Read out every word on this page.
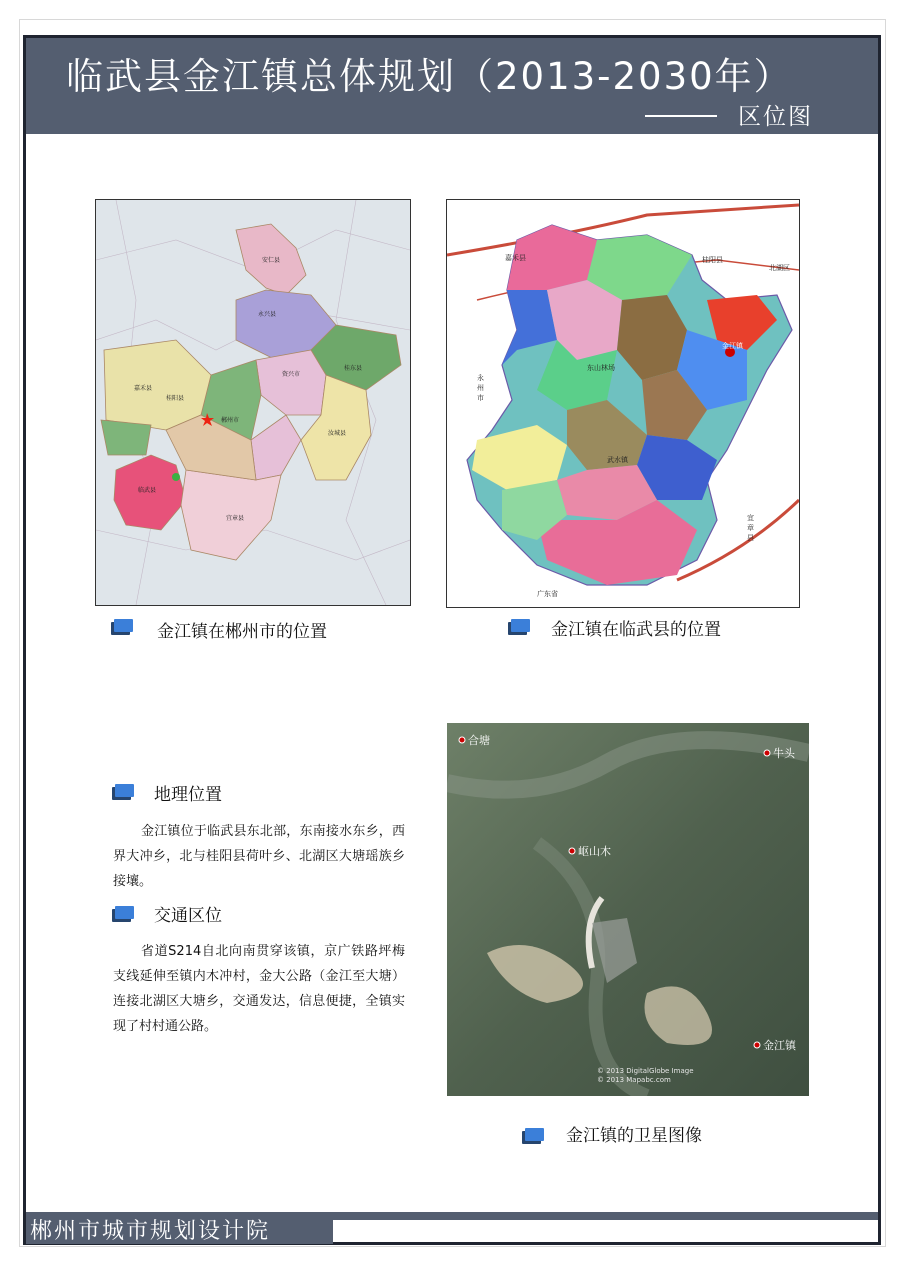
临武县金江镇总体规划（2013-2030年）
区位图
安仁县
永兴县
资兴市
桂东县
汝城县
嘉禾县
桂阳县
郴州市
临武县
宜章县
嘉禾县	桂阳县
北湖区
永
州
市
金江镇
宜
章
县
广东省
东山林场
武水镇
金江镇在郴州市的位置	金江镇在临武县的位置
合塘
牛头
岖山木
金江镇
© 2013 DigitalGlobe Image
© 2013 Mapabc.com
金江镇的卫星图像
地理位置
金江镇位于临武县东北部，东南接水东乡，西界大冲乡，北与桂阳县荷叶乡、北湖区大塘瑶族乡接壤。
交通区位
省道S214自北向南贯穿该镇，京广铁路坪梅支线延伸至镇内木冲村，金大公路（金江至大塘）连接北湖区大塘乡，交通发达，信息便捷，全镇实现了村村通公路。
郴州市城市规划设计院
